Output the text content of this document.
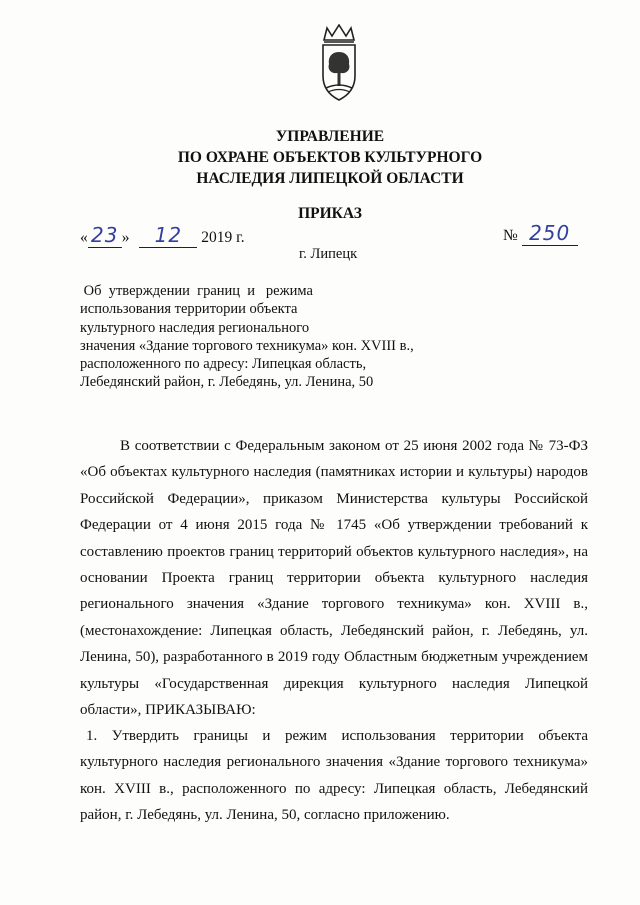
УПРАВЛЕНИЕ
ПО ОХРАНЕ ОБЪЕКТОВ КУЛЬТУРНОГО
НАСЛЕДИЯ ЛИПЕЦКОЙ ОБЛАСТИ
ПРИКАЗ
« 23 » 12 2019 г.	№ 250
г. Липецк
Об  утверждении  границ  и   режима
использования территории объекта
культурного наследия регионального
значения «Здание торгового техникума» кон. XVIII в.,
расположенного по адресу: Липецкая область,
Лебедянский район, г. Лебедянь, ул. Ленина, 50
В соответствии с Федеральным законом от 25 июня 2002 года № 73-ФЗ «Об объектах культурного наследия (памятниках истории и культуры) народов Российской Федерации», приказом Министерства культуры Российской Федерации от 4 июня 2015 года № 1745 «Об утверждении требований к составлению проектов границ территорий объектов культурного наследия», на основании Проекта границ территории объекта культурного наследия регионального значения «Здание торгового техникума» кон. XVIII в., (местонахождение: Липецкая область, Лебедянский район, г. Лебедянь, ул. Ленина, 50), разработанного в 2019 году Областным бюджетным учреждением культуры «Государственная дирекция культурного наследия Липецкой области», ПРИКАЗЫВАЮ:
1. Утвердить границы и режим использования территории объекта культурного наследия регионального значения «Здание торгового техникума» кон. XVIII в., расположенного по адресу: Липецкая область, Лебедянский район, г. Лебедянь, ул. Ленина, 50, согласно приложению.
